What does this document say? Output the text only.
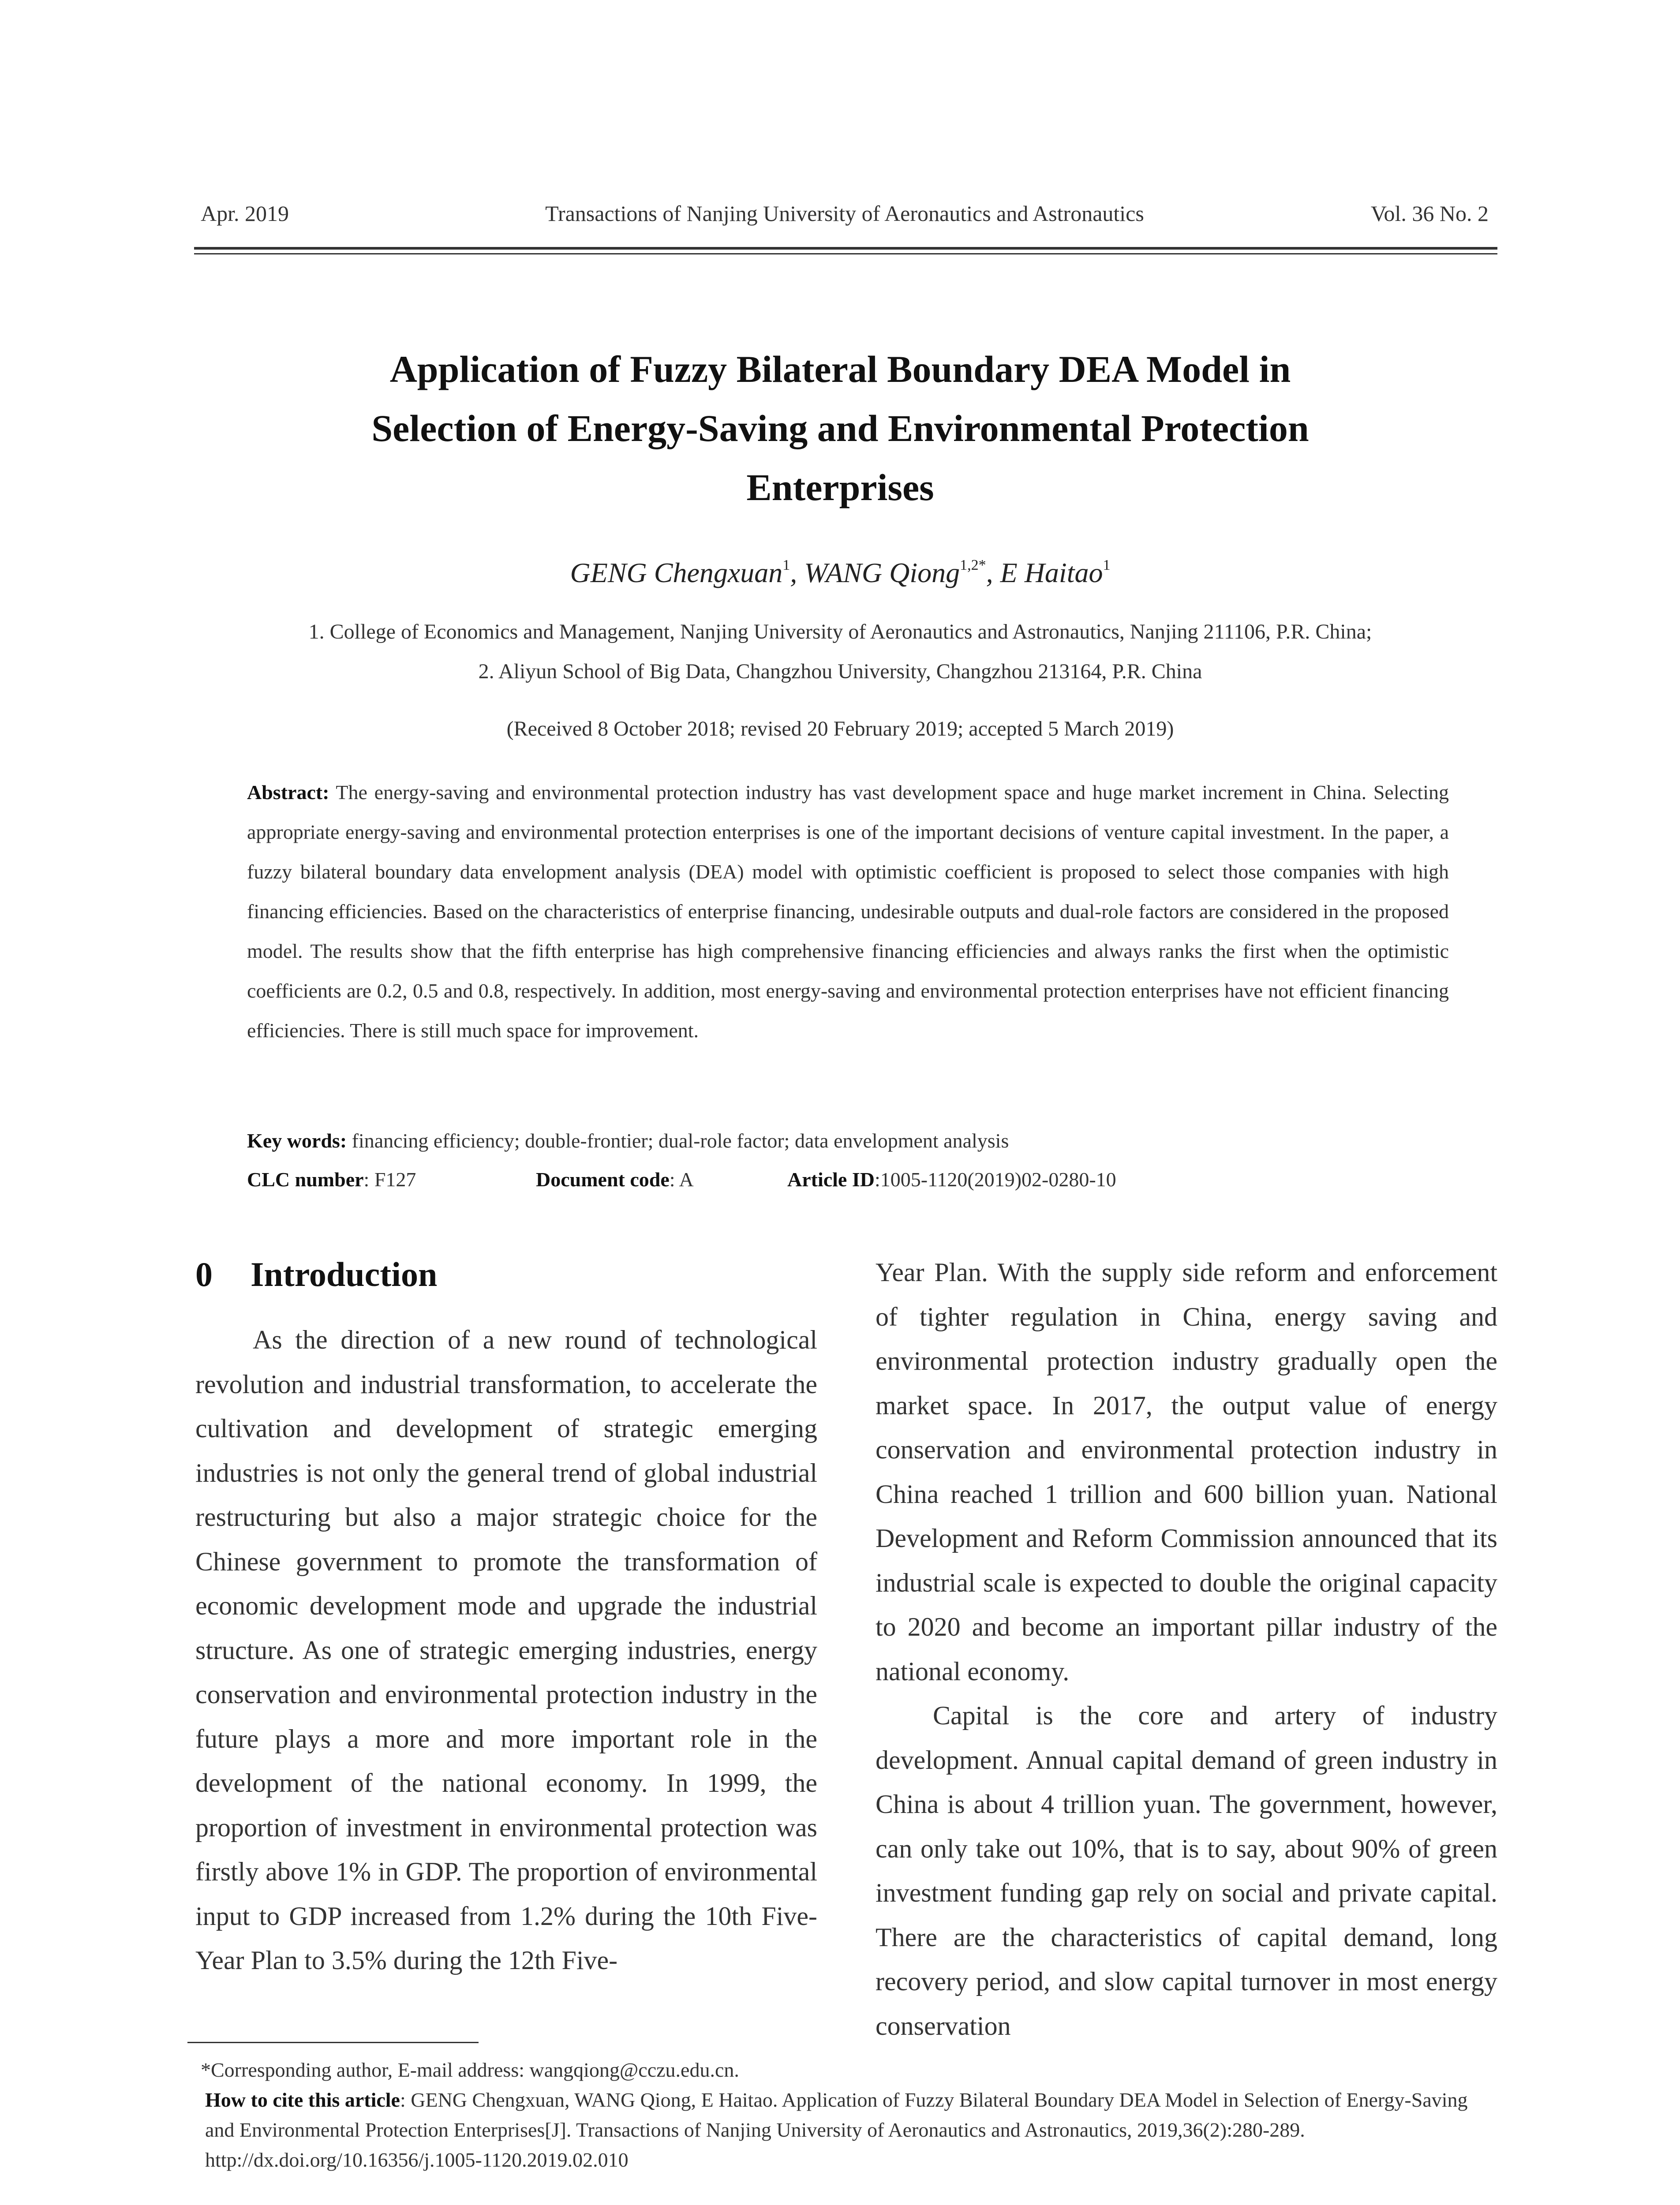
Apr. 2019	Transactions of Nanjing University of Aeronautics and Astronautics	Vol. 36 No. 2
Application of Fuzzy Bilateral Boundary DEA Model in
Selection of Energy-Saving and Environmental Protection
Enterprises
GENG Chengxuan$^1$, WANG Qiong$^{1,2*}$, E Haitao$^1$
1. College of Economics and Management, Nanjing University of Aeronautics and Astronautics, Nanjing 211106, P.R. China;
2. Aliyun School of Big Data, Changzhou University, Changzhou 213164, P.R. China
(Received 8 October 2018; revised 20 February 2019; accepted 5 March 2019)
Abstract: The energy-saving and environmental protection industry has vast development space and huge market increment in China. Selecting appropriate energy-saving and environmental protection enterprises is one of the important decisions of venture capital investment. In the paper, a fuzzy bilateral boundary data envelopment analysis (DEA) model with optimistic coefficient is proposed to select those companies with high financing efficiencies. Based on the characteristics of enterprise financing, undesirable outputs and dual-role factors are considered in the proposed model. The results show that the fifth enterprise has high comprehensive financing efficiencies and always ranks the first when the optimistic coefficients are 0.2, 0.5 and 0.8, respectively. In addition, most energy-saving and environmental protection enterprises have not efficient financing efficiencies. There is still much space for improvement.
Key words: financing efficiency; double-frontier; dual-role factor; data envelopment analysis
CLC number: F127	Document code: A	Article ID:1005-1120(2019)02-0280-10
0 Introduction

As the direction of a new round of technological revolution and industrial transformation, to accelerate the cultivation and development of strategic emerging industries is not only the general trend of global industrial restructuring but also a major strategic choice for the Chinese government to promote the transformation of economic development mode and upgrade the industrial structure. As one of strategic emerging industries, energy conservation and environmental protection industry in the future plays a more and more important role in the development of the national economy. In 1999, the proportion of investment in environmental protection was firstly above 1% in GDP. The proportion of environmental input to GDP increased from 1.2% during the 10th Five-Year Plan to 3.5% during the 12th Five-

Year Plan. With the supply side reform and enforcement of tighter regulation in China, energy saving and environmental protection industry gradually open the market space. In 2017, the output value of energy conservation and environmental protection industry in China reached 1 trillion and 600 billion yuan. National Development and Reform Commission announced that its industrial scale is expected to double the original capacity to 2020 and become an important pillar industry of the national economy.

Capital is the core and artery of industry development. Annual capital demand of green industry in China is about 4 trillion yuan. The government, however, can only take out 10%, that is to say, about 90% of green investment funding gap rely on social and private capital. There are the characteristics of capital demand, long recovery period, and slow capital turnover in most energy conservation

*Corresponding author, E-mail address: wangqiong@cczu.edu.cn.
How to cite this article: GENG Chengxuan, WANG Qiong, E Haitao. Application of Fuzzy Bilateral Boundary DEA Model in Selection of Energy-Saving and Environmental Protection Enterprises[J]. Transactions of Nanjing University of Aeronautics and Astronautics, 2019,36(2):280-289.
http://dx.doi.org/10.16356/j.1005-1120.2019.02.010
